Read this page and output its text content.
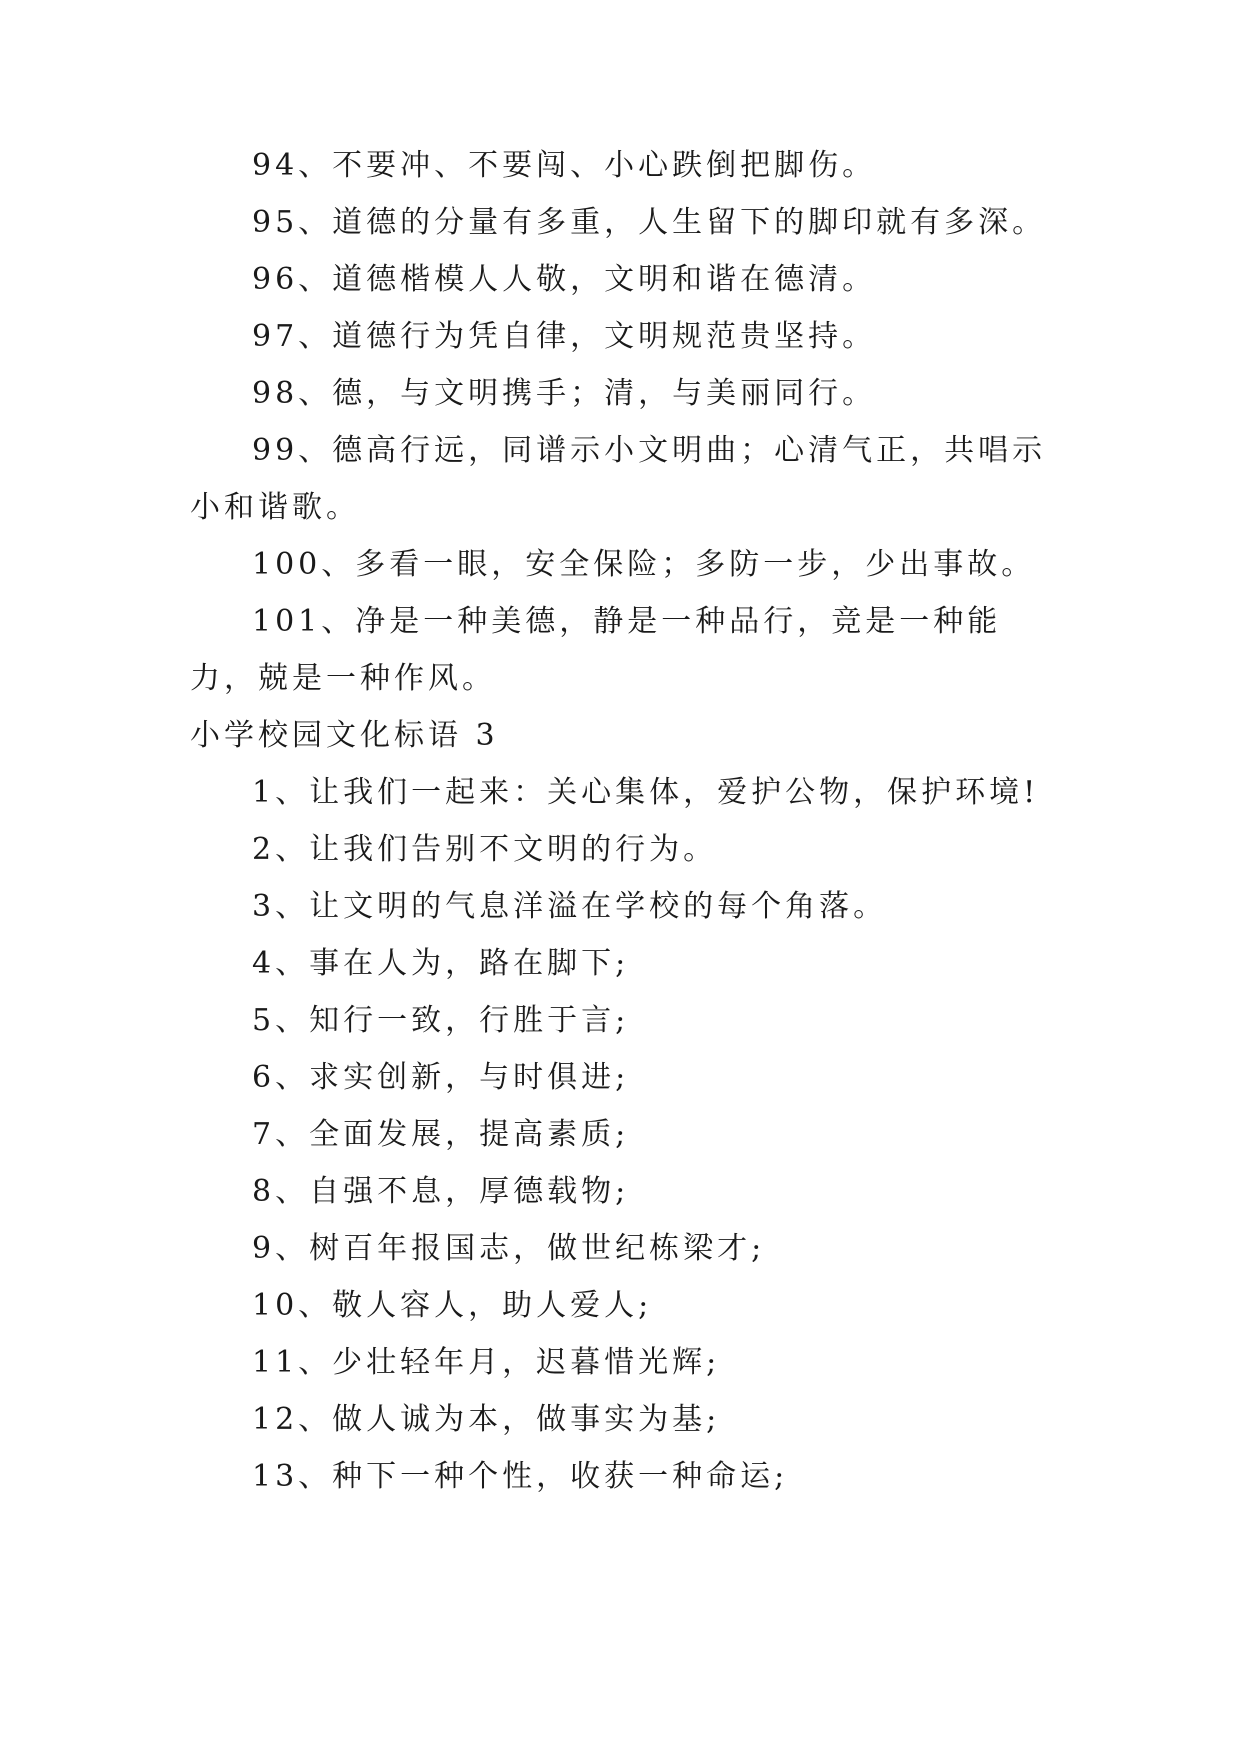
94、不要冲、不要闯、小心跌倒把脚伤。

95、道德的分量有多重，人生留下的脚印就有多深。

96、道德楷模人人敬，文明和谐在德清。

97、道德行为凭自律，文明规范贵坚持。

98、德，与文明携手；清，与美丽同行。

99、德高行远，同谱示小文明曲；心清气正，共唱示小和谐歌。

100、多看一眼，安全保险；多防一步，少出事故。

101、净是一种美德，静是一种品行，竞是一种能力，兢是一种作风。

小学校园文化标语 3

1、让我们一起来：关心集体，爱护公物，保护环境!

2、让我们告别不文明的行为。

3、让文明的气息洋溢在学校的每个角落。

4、事在人为，路在脚下;

5、知行一致，行胜于言;

6、求实创新，与时俱进;

7、全面发展，提高素质;

8、自强不息，厚德载物;

9、树百年报国志，做世纪栋梁才;

10、敬人容人，助人爱人;

11、少壮轻年月，迟暮惜光辉;

12、做人诚为本，做事实为基;

13、种下一种个性，收获一种命运;
